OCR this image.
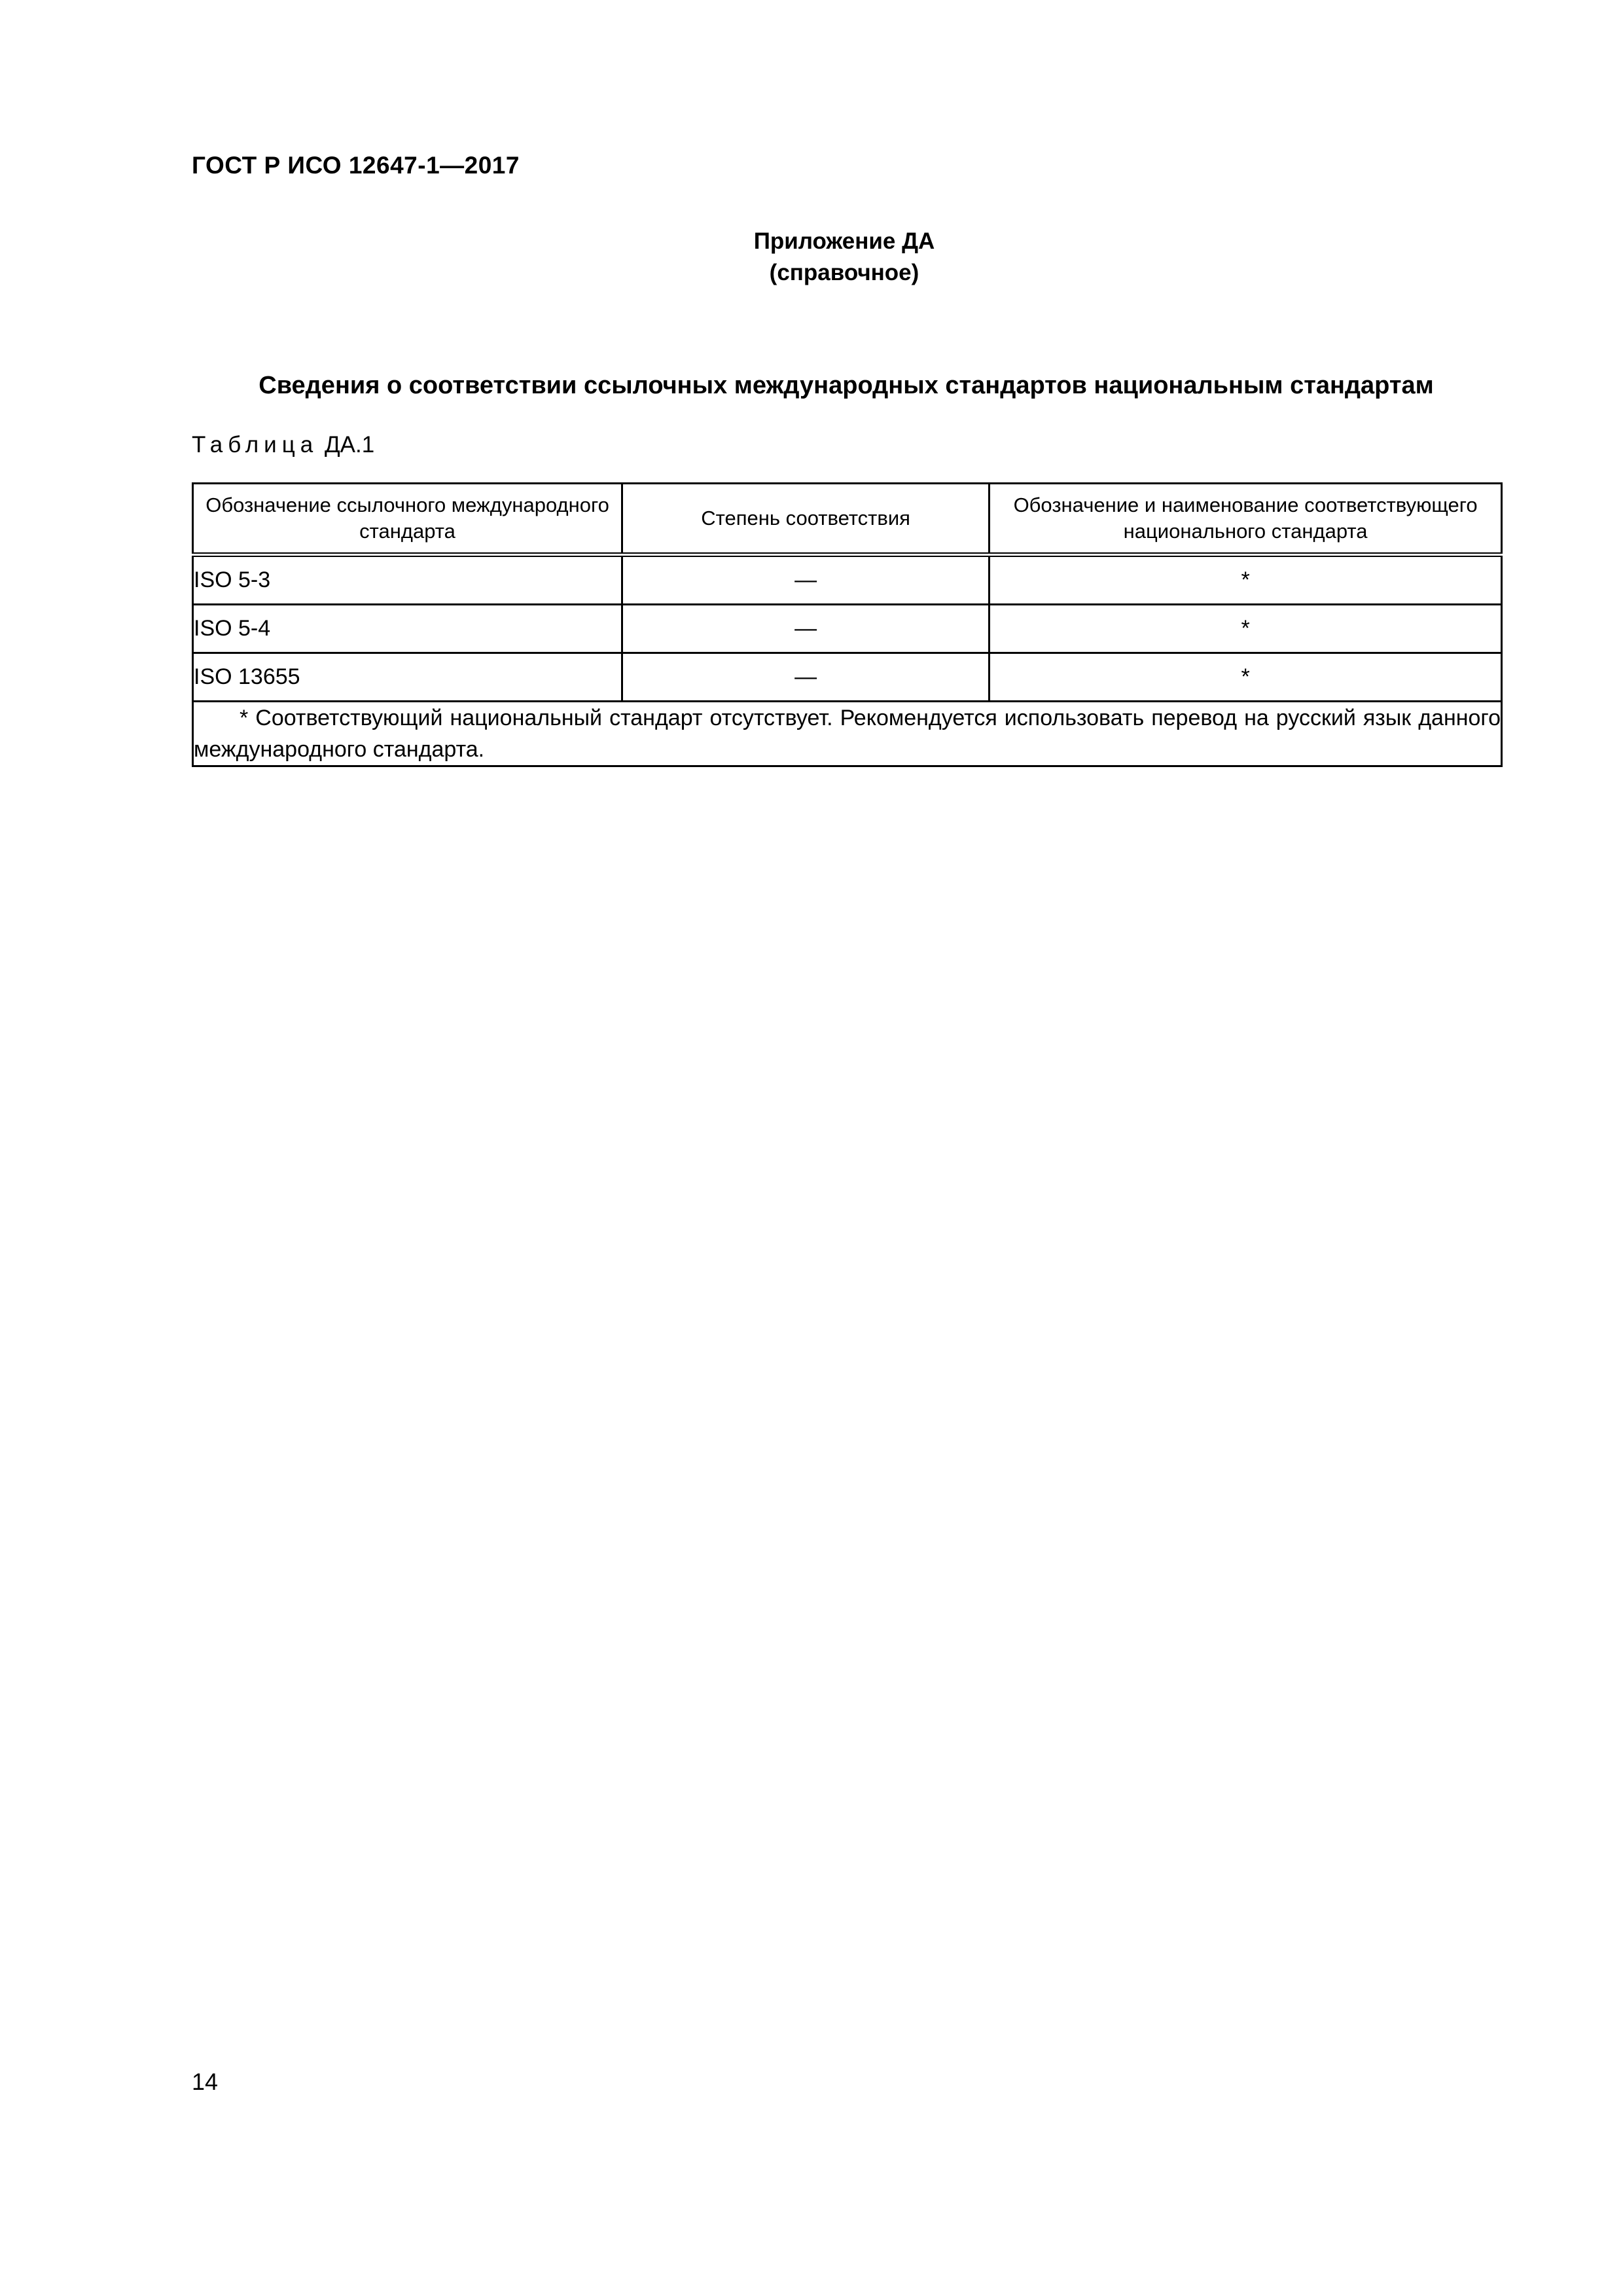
ГОСТ Р ИСО 12647-1—2017
Приложение ДА
(справочное)
Сведения о соответствии ссылочных международных стандартов национальным стандартам
Таблица ДА.1
Обозначение ссылочного международного стандарта	Степень соответствия	Обозначение и наименование соответствующего национального стандарта
ISO 5-3	—	*
ISO 5-4	—	*
ISO 13655	—	*

* Соответствующий национальный стандарт отсутствует. Рекомендуется использовать перевод на русский язык данного международного стандарта.		
14
